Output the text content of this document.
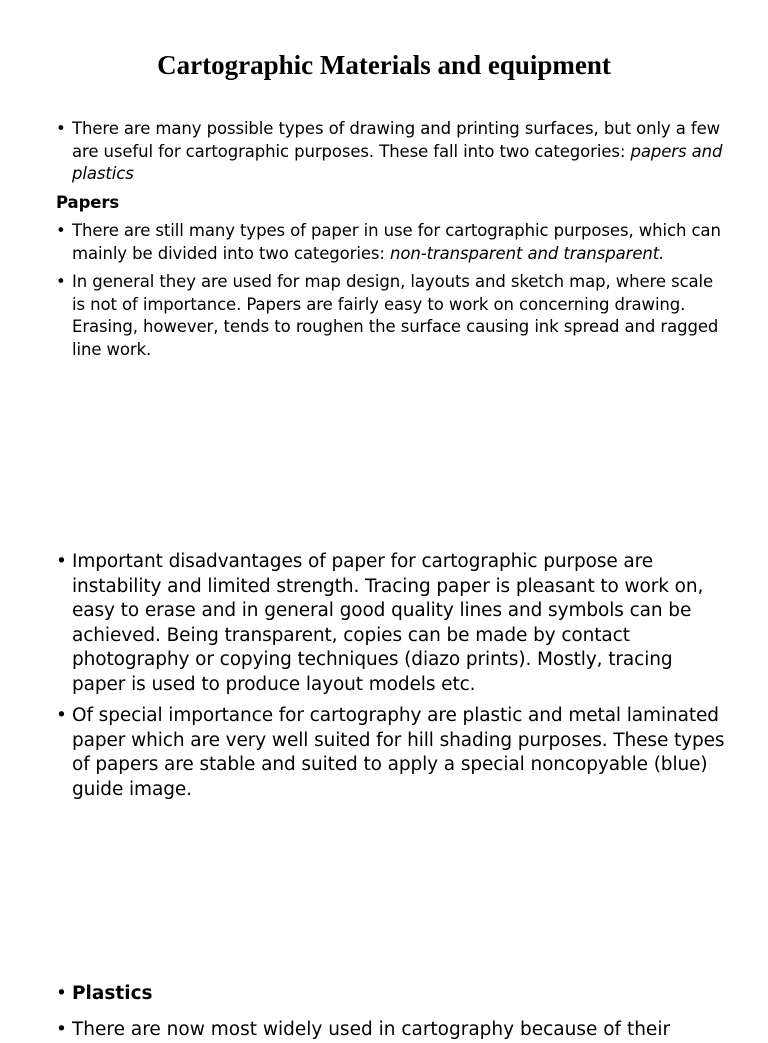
Cartographic Materials and equipment
• There are many possible types of drawing and printing surfaces, but only a few are useful for cartographic purposes. These fall into two categories: papers and plastics
Papers
• There are still many types of paper in use for cartographic purposes, which can mainly be divided into two categories: non-transparent and transparent.
• In general they are used for map design, layouts and sketch map, where scale is not of importance. Papers are fairly easy to work on concerning drawing. Erasing, however, tends to roughen the surface causing ink spread and ragged line work.
• Important disadvantages of paper for cartographic purpose are instability and limited strength. Tracing paper is pleasant to work on, easy to erase and in general good quality lines and symbols can be achieved. Being transparent, copies can be made by contact photography or copying techniques (diazo prints). Mostly, tracing paper is used to produce layout models etc.
• Of special importance for cartography are plastic and metal laminated paper which are very well suited for hill shading purposes. These types of papers are stable and suited to apply a special noncopyable (blue) guide image.
• Plastics
• There are now most widely used in cartography because of their
